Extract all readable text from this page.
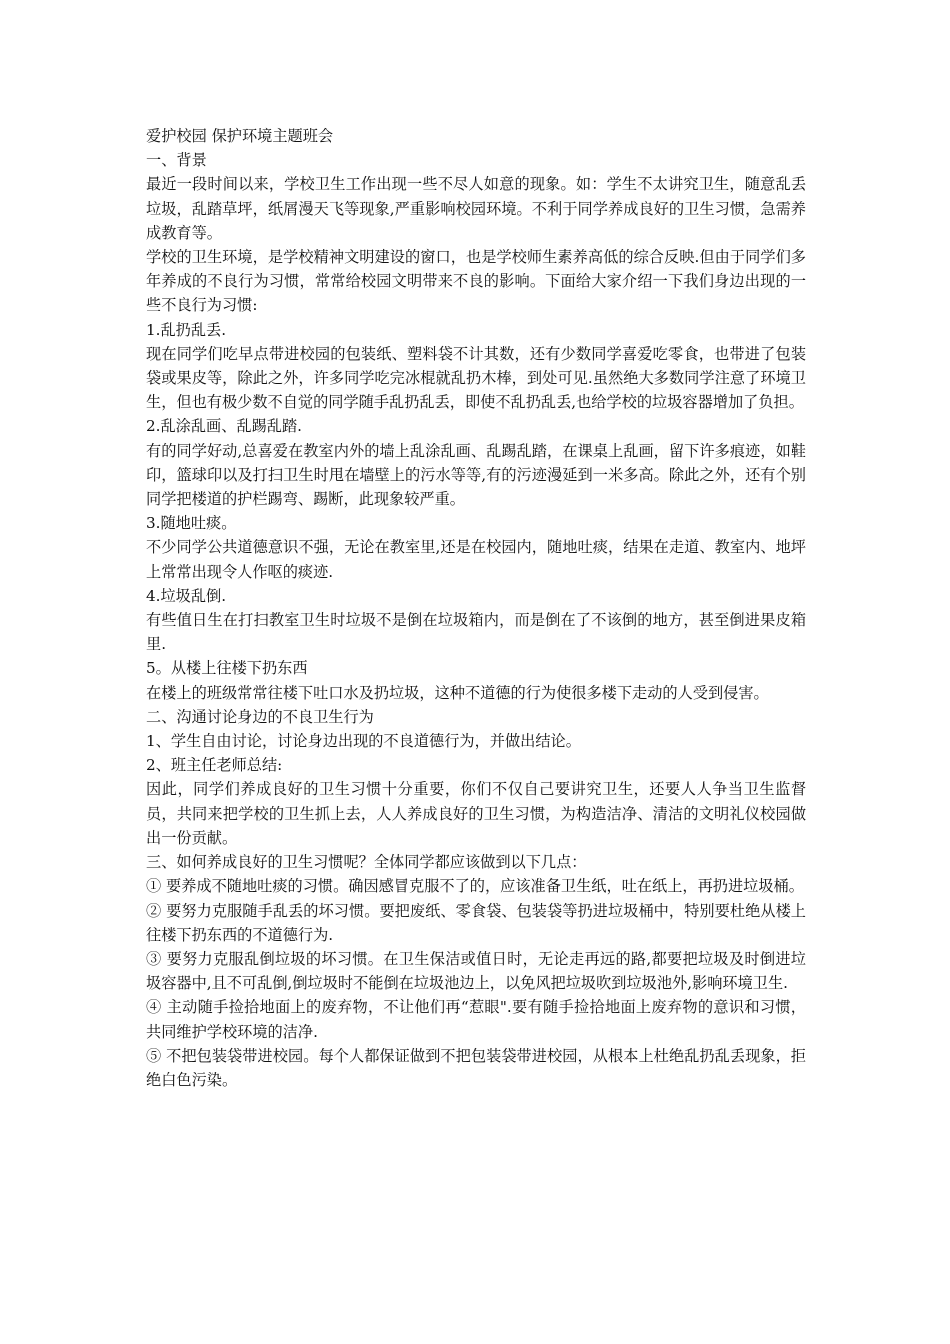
爱护校园 保护环境主题班会

一、背景

最近一段时间以来，学校卫生工作出现一些不尽人如意的现象。如：学生不太讲究卫生，随意乱丢垃圾，乱踏草坪，纸屑漫天飞等现象,严重影响校园环境。不利于同学养成良好的卫生习惯，急需养成教育等。

学校的卫生环境，是学校精神文明建设的窗口，也是学校师生素养高低的综合反映.但由于同学们多年养成的不良行为习惯，常常给校园文明带来不良的影响。下面给大家介绍一下我们身边出现的一些不良行为习惯:

1.乱扔乱丢.

现在同学们吃早点带进校园的包装纸、塑料袋不计其数，还有少数同学喜爱吃零食，也带进了包装袋或果皮等，除此之外，许多同学吃完冰棍就乱扔木棒，到处可见.虽然绝大多数同学注意了环境卫生，但也有极少数不自觉的同学随手乱扔乱丢，即使不乱扔乱丢,也给学校的垃圾容器增加了负担。

2.乱涂乱画、乱踢乱踏.

有的同学好动,总喜爱在教室内外的墙上乱涂乱画、乱踢乱踏，在课桌上乱画，留下许多痕迹，如鞋印，篮球印以及打扫卫生时甩在墙壁上的污水等等,有的污迹漫延到一米多高。除此之外，还有个别同学把楼道的护栏踢弯、踢断，此现象较严重。

3.随地吐痰。

不少同学公共道德意识不强，无论在教室里,还是在校园内，随地吐痰，结果在走道、教室内、地坪上常常出现令人作呕的痰迹.

4.垃圾乱倒.

有些值日生在打扫教室卫生时垃圾不是倒在垃圾箱内，而是倒在了不该倒的地方，甚至倒进果皮箱里.

5。从楼上往楼下扔东西

在楼上的班级常常往楼下吐口水及扔垃圾，这种不道德的行为使很多楼下走动的人受到侵害。

二、沟通讨论身边的不良卫生行为

1、学生自由讨论，讨论身边出现的不良道德行为，并做出结论。

2、班主任老师总结:

因此，同学们养成良好的卫生习惯十分重要，你们不仅自己要讲究卫生，还要人人争当卫生监督员，共同来把学校的卫生抓上去，人人养成良好的卫生习惯，为构造洁净、清洁的文明礼仪校园做出一份贡献。

三、如何养成良好的卫生习惯呢？全体同学都应该做到以下几点：

① 要养成不随地吐痰的习惯。确因感冒克服不了的，应该准备卫生纸，吐在纸上，再扔进垃圾桶。

② 要努力克服随手乱丢的坏习惯。要把废纸、零食袋、包装袋等扔进垃圾桶中，特别要杜绝从楼上往楼下扔东西的不道德行为.

③ 要努力克服乱倒垃圾的坏习惯。在卫生保洁或值日时，无论走再远的路,都要把垃圾及时倒进垃圾容器中,且不可乱倒,倒垃圾时不能倒在垃圾池边上，以免风把垃圾吹到垃圾池外,影响环境卫生.

④ 主动随手捡拾地面上的废弃物，不让他们再“惹眼".要有随手捡拾地面上废弃物的意识和习惯，共同维护学校环境的洁净.

⑤ 不把包装袋带进校园。每个人都保证做到不把包装袋带进校园，从根本上杜绝乱扔乱丢现象，拒绝白色污染。
